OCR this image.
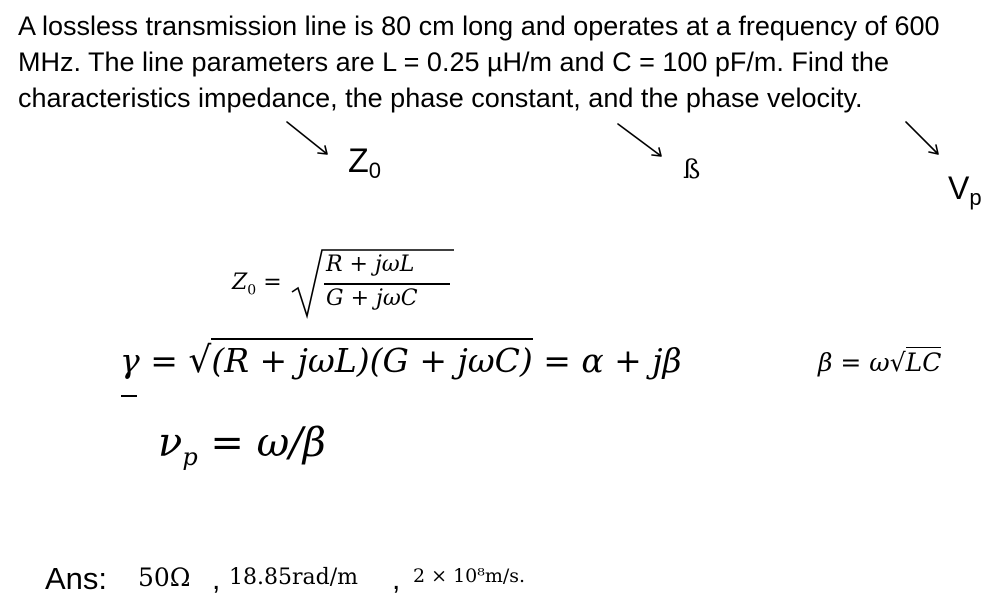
A lossless transmission line is 80 cm long and operates at a frequency of 600 MHz. The line parameters are L = 0.25 µH/m and C = 100 pF/m. Find the characteristics impedance, the phase constant, and the phase velocity.
$Z_0$	ß	$V_p$
$Z_0$ =
R + jωL
G + jωC
γ = √(R + jωL)(G + jωC) = α + jβ	β = ω√LC
$\nu_p = \omega/\beta$
Ans: 50Ω , 18.85rad/m , 2 × 10⁸m/s.
